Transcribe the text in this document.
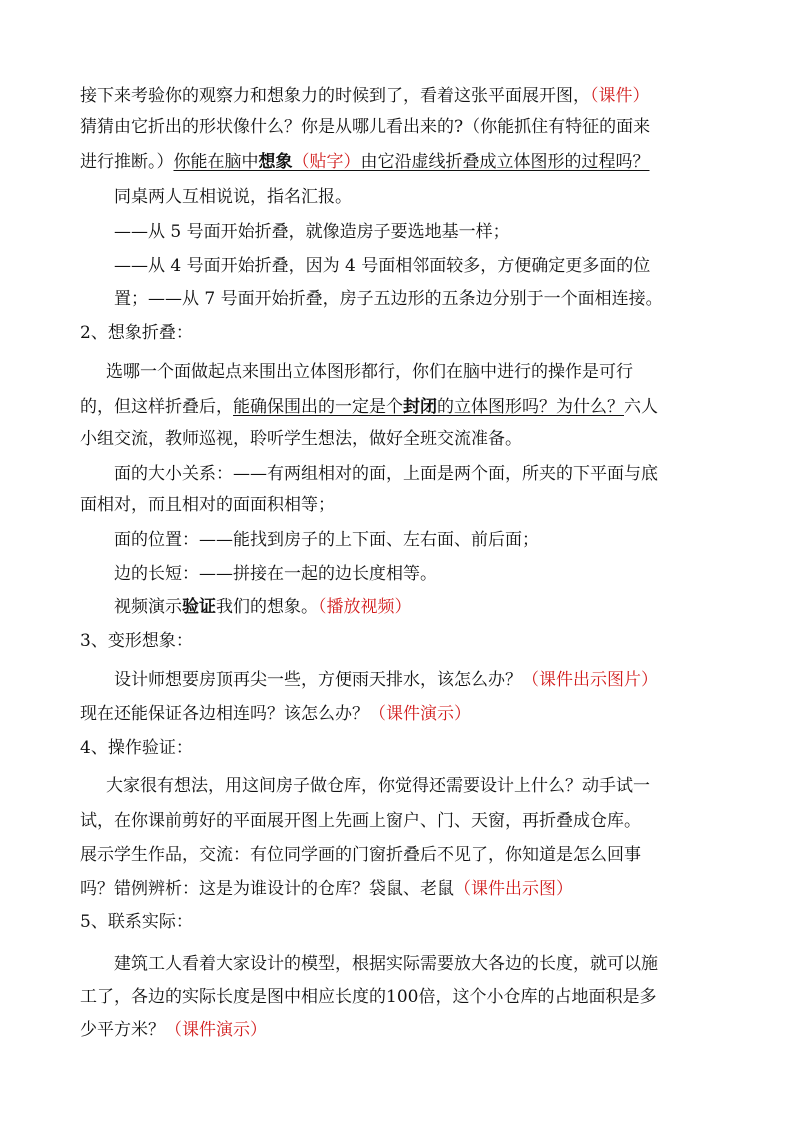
接下来考验你的观察力和想象力的时候到了，看着这张平面展开图，（课件）
猜猜由它折出的形状像什么？你是从哪儿看出来的?（你能抓住有特征的面来
进行推断。）你能在脑中想象（贴字）由它沿虚线折叠成立体图形的过程吗？
同桌两人互相说说，指名汇报。
——从 5 号面开始折叠，就像造房子要选地基一样；
——从 4 号面开始折叠，因为 4 号面相邻面较多，方便确定更多面的位
置；——从 7 号面开始折叠，房子五边形的五条边分别于一个面相连接。
2、想象折叠：
选哪一个面做起点来围出立体图形都行，你们在脑中进行的操作是可行
的，但这样折叠后，能确保围出的一定是个封闭的立体图形吗？为什么？六人
小组交流，教师巡视，聆听学生想法，做好全班交流准备。
面的大小关系：——有两组相对的面，上面是两个面，所夹的下平面与底
面相对，而且相对的面面积相等；
面的位置：——能找到房子的上下面、左右面、前后面；
边的长短：——拼接在一起的边长度相等。
视频演示验证我们的想象。（播放视频）
3、变形想象：
设计师想要房顶再尖一些，方便雨天排水，该怎么办？（课件出示图片）
现在还能保证各边相连吗？该怎么办？（课件演示）
4、操作验证：
大家很有想法，用这间房子做仓库，你觉得还需要设计上什么？动手试一
试，在你课前剪好的平面展开图上先画上窗户、门、天窗，再折叠成仓库。
展示学生作品，交流：有位同学画的门窗折叠后不见了，你知道是怎么回事
吗？错例辨析：这是为谁设计的仓库？袋鼠、老鼠（课件出示图）
5、联系实际：
建筑工人看着大家设计的模型，根据实际需要放大各边的长度，就可以施
工了，各边的实际长度是图中相应长度的100倍，这个小仓库的占地面积是多
少平方米？（课件演示）
